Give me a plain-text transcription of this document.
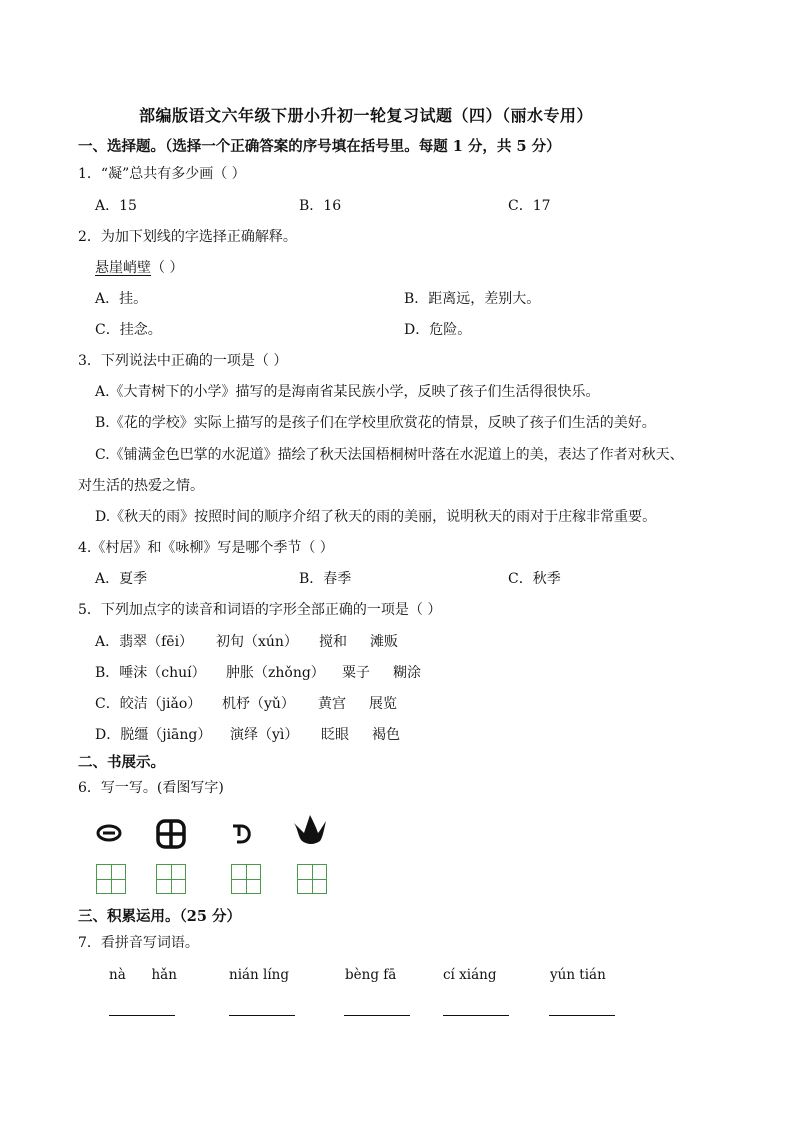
部编版语文六年级下册小升初一轮复习试题（四）（丽水专用）
一、选择题。（选择一个正确答案的序号填在括号里。每题 1 分，共 5 分）
1．“凝”总共有多少画（ ）
A．15	B．16	C．17
2．为加下划线的字选择正确解释。
悬崖峭壁（ ）
A．挂。	B．距离远，差别大。
C．挂念。	D．危险。
3．下列说法中正确的一项是（ ）
A.《大青树下的小学》描写的是海南省某民族小学，反映了孩子们生活得很快乐。
B.《花的学校》实际上描写的是孩子们在学校里欣赏花的情景，反映了孩子们生活的美好。
C.《铺满金色巴掌的水泥道》描绘了秋天法国梧桐树叶落在水泥道上的美，表达了作者对秋天、
对生活的热爱之情。
D.《秋天的雨》按照时间的顺序介绍了秋天的雨的美丽，说明秋天的雨对于庄稼非常重要。
4.《村居》和《咏柳》写是哪个季节（ ）
A．夏季	B．春季	C．秋季
5．下列加点字的读音和词语的字形全部正确的一项是（ ）
A．翡翠（fēi） 初旬（xún） 搅和 滩贩
B．唾沫（chuí） 肿胀（zhǒng） 粟子 糊涂
C．皎洁（jiǎo） 机杼（yǔ） 黄宫 展览
D．脱缰（jiāng） 演绎（yì） 眨眼 褐色
二、书展示。
6．写一写。(看图写字)
三、积累运用。（25 分）
7．看拼音写词语。
nà      hǎn	nián líng	bèng fā	cí xiáng	yún tián
